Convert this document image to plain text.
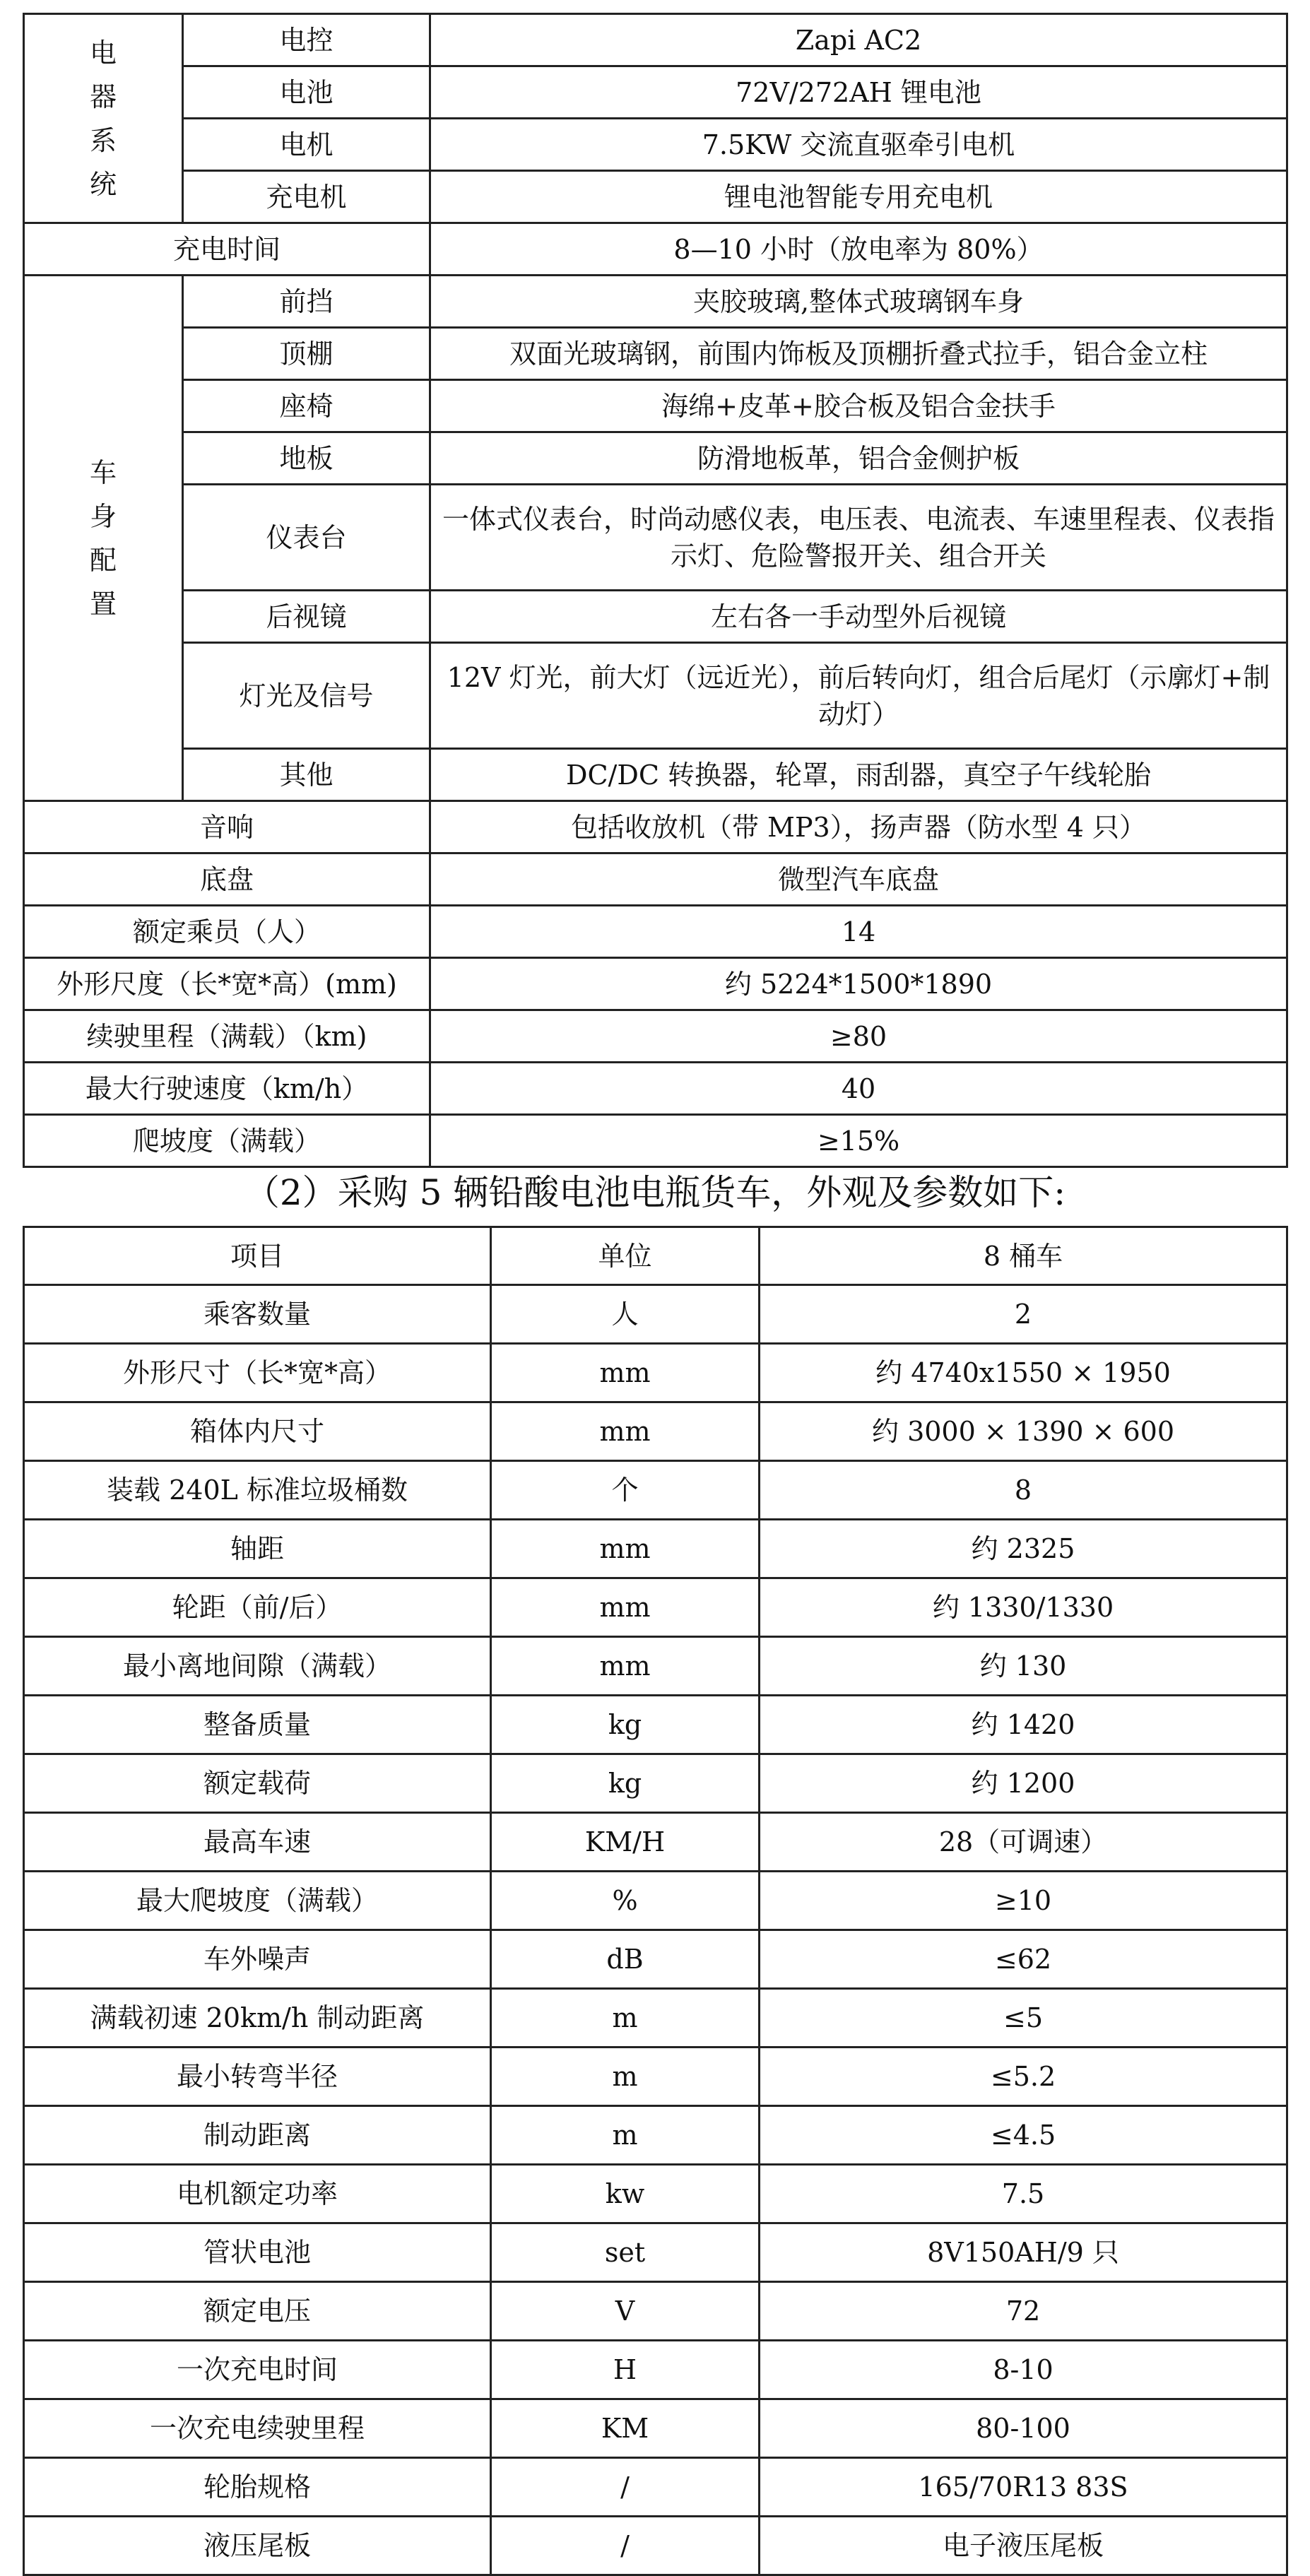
电
器
系
统	电控	Zapi AC2
	电池	72V/272AH 锂电池
	电机	7.5KW 交流直驱牵引电机
	充电机	锂电池智能专用充电机
充电时间		8—10 小时（放电率为 80%）

车
身
配
置	前挡	夹胶玻璃,整体式玻璃钢车身
	顶棚	双面光玻璃钢，前围内饰板及顶棚折叠式拉手，铝合金立柱
	座椅	海绵+皮革+胶合板及铝合金扶手
	地板	防滑地板革，铝合金侧护板
	仪表台	一体式仪表台，时尚动感仪表，电压表、电流表、车速里程表、仪表指示灯、危险警报开关、组合开关
	后视镜	左右各一手动型外后视镜
	灯光及信号	12V 灯光，前大灯（远近光），前后转向灯，组合后尾灯（示廓灯+制动灯）
	其他	DC/DC 转换器，轮罩，雨刮器，真空子午线轮胎
音响		包括收放机（带 MP3），扬声器（防水型 4 只）
底盘		微型汽车底盘
额定乘员（人）		14
外形尺度（长*宽*高）(mm)		约 5224*1500*1890
续驶里程（满载）（km)		≥80
最大行驶速度（km/h）		40
爬坡度（满载）		≥15%
（2）采购 5 辆铅酸电池电瓶货车，外观及参数如下:
项目	单位	8 桶车
乘客数量	人	2
外形尺寸（长*宽*高）	mm	约 4740x1550 × 1950
箱体内尺寸	mm	约 3000 × 1390 × 600
装载 240L 标准垃圾桶数	个	8
轴距	mm	约 2325
轮距（前/后）	mm	约 1330/1330
最小离地间隙（满载）	mm	约 130
整备质量	kg	约 1420
额定载荷	kg	约 1200
最高车速	KM/H	28（可调速）
最大爬坡度（满载）	%	≥10
车外噪声	dB	≤62
满载初速 20km/h 制动距离	m	≤5
最小转弯半径	m	≤5.2
制动距离	m	≤4.5
电机额定功率	kw	7.5
管状电池	set	8V150AH/9 只
额定电压	V	72
一次充电时间	H	8-10
一次充电续驶里程	KM	80-100
轮胎规格	/	165/70R13 83S
液压尾板	/	电子液压尾板
